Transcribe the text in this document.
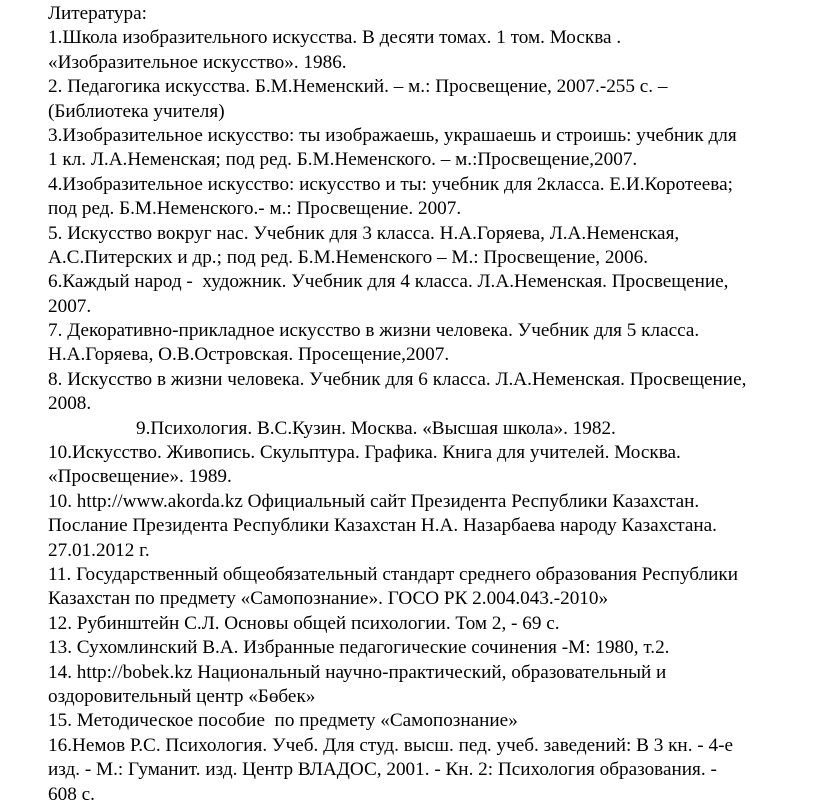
Литература:
1.Школа изобразительного искусства. В десяти томах. 1 том. Москва .
«Изобразительное искусство». 1986.
2. Педагогика искусства. Б.М.Неменский. – м.: Просвещение, 2007.-255 с. –
(Библиотека учителя)
3.Изобразительное искусство: ты изображаешь, украшаешь и строишь: учебник для
1 кл. Л.А.Неменская; под ред. Б.М.Неменского. – м.:Просвещение,2007.
4.Изобразительное искусство: искусство и ты: учебник для 2класса. Е.И.Коротеева;
под ред. Б.М.Неменского.- м.: Просвещение. 2007.
5. Искусство вокруг нас. Учебник для 3 класса. Н.А.Горяева, Л.А.Неменская,
А.С.Питерских и др.; под ред. Б.М.Неменского – М.: Просвещение, 2006.
6.Каждый народ -  художник. Учебник для 4 класса. Л.А.Неменская. Просвещение,
2007.
7. Декоративно-прикладное искусство в жизни человека. Учебник для 5 класса.
Н.А.Горяева, О.В.Островская. Просещение,2007.
8. Искусство в жизни человека. Учебник для 6 класса. Л.А.Неменская. Просвещение,
2008.
9.Психология. В.С.Кузин. Москва. «Высшая школа». 1982.
10.Искусство. Живопись. Скульптура. Графика. Книга для учителей. Москва.
«Просвещение». 1989.
10. http://www.akorda.kz Официальный сайт Президента Республики Казахстан.
Послание Президента Республики Казахстан Н.А. Назарбаева народу Казахстана.
27.01.2012 г.
11. Государственный общеобязательный стандарт среднего образования Республики
Казахстан по предмету «Самопознание». ГОСО РК 2.004.043.-2010»
12. Рубинштейн С.Л. Основы общей психологии. Том 2, - 69 с.
13. Сухомлинский В.А. Избранные педагогические сочинения -М: 1980, т.2.
14. http://bobek.kz Национальный научно-практический, образовательный и
оздоровительный центр «Бөбек»
15. Методическое пособие  по предмету «Самопознание»
16.Немов Р.С. Психология. Учеб. Для студ. высш. пед. учеб. заведений: В 3 кн. - 4-е
изд. - М.: Гуманит. изд. Центр ВЛАДОС, 2001. - Кн. 2: Психология образования. -
608 с.
